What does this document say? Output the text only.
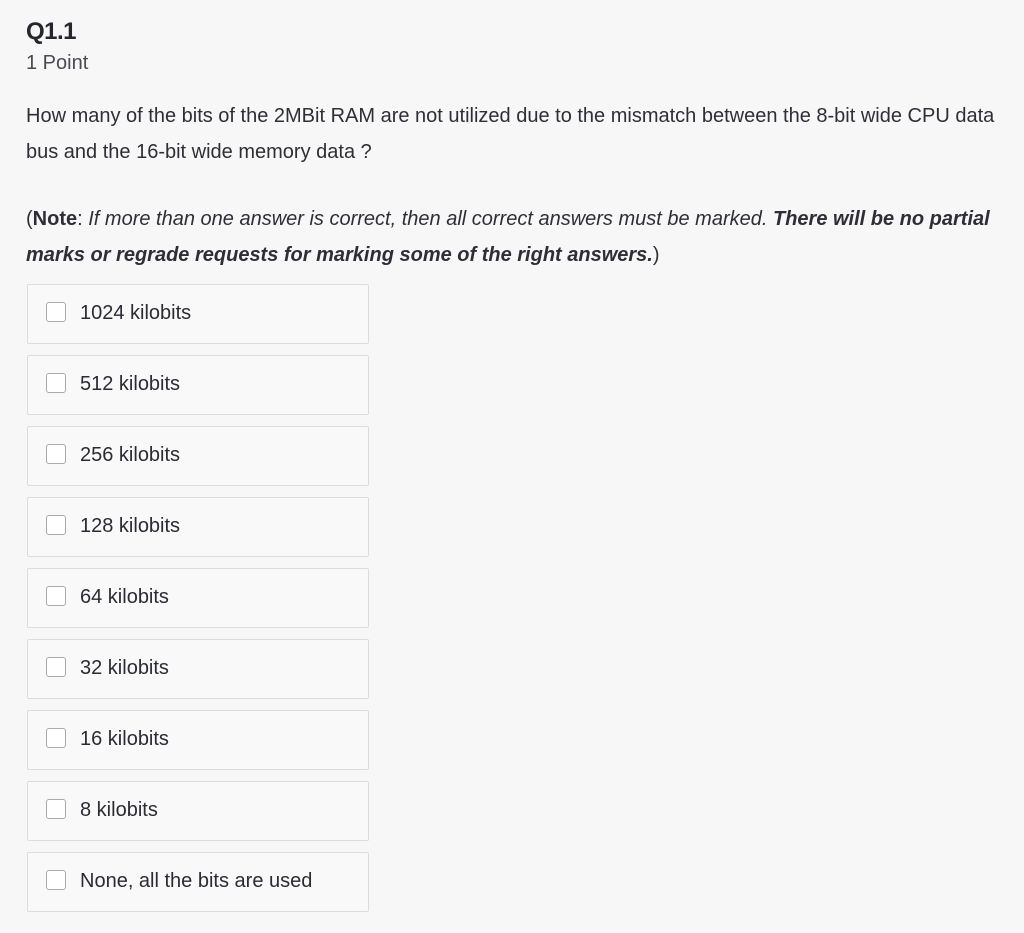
Q1.1
1 Point
How many of the bits of the 2MBit RAM are not utilized due to the mismatch between the 8-bit wide CPU data bus and the 16-bit wide memory data ?
(Note: If more than one answer is correct, then all correct answers must be marked. There will be no partial marks or regrade requests for marking some of the right answers.)
1024 kilobits
512 kilobits
256 kilobits
128 kilobits
64 kilobits
32 kilobits
16 kilobits
8 kilobits
None, all the bits are used
